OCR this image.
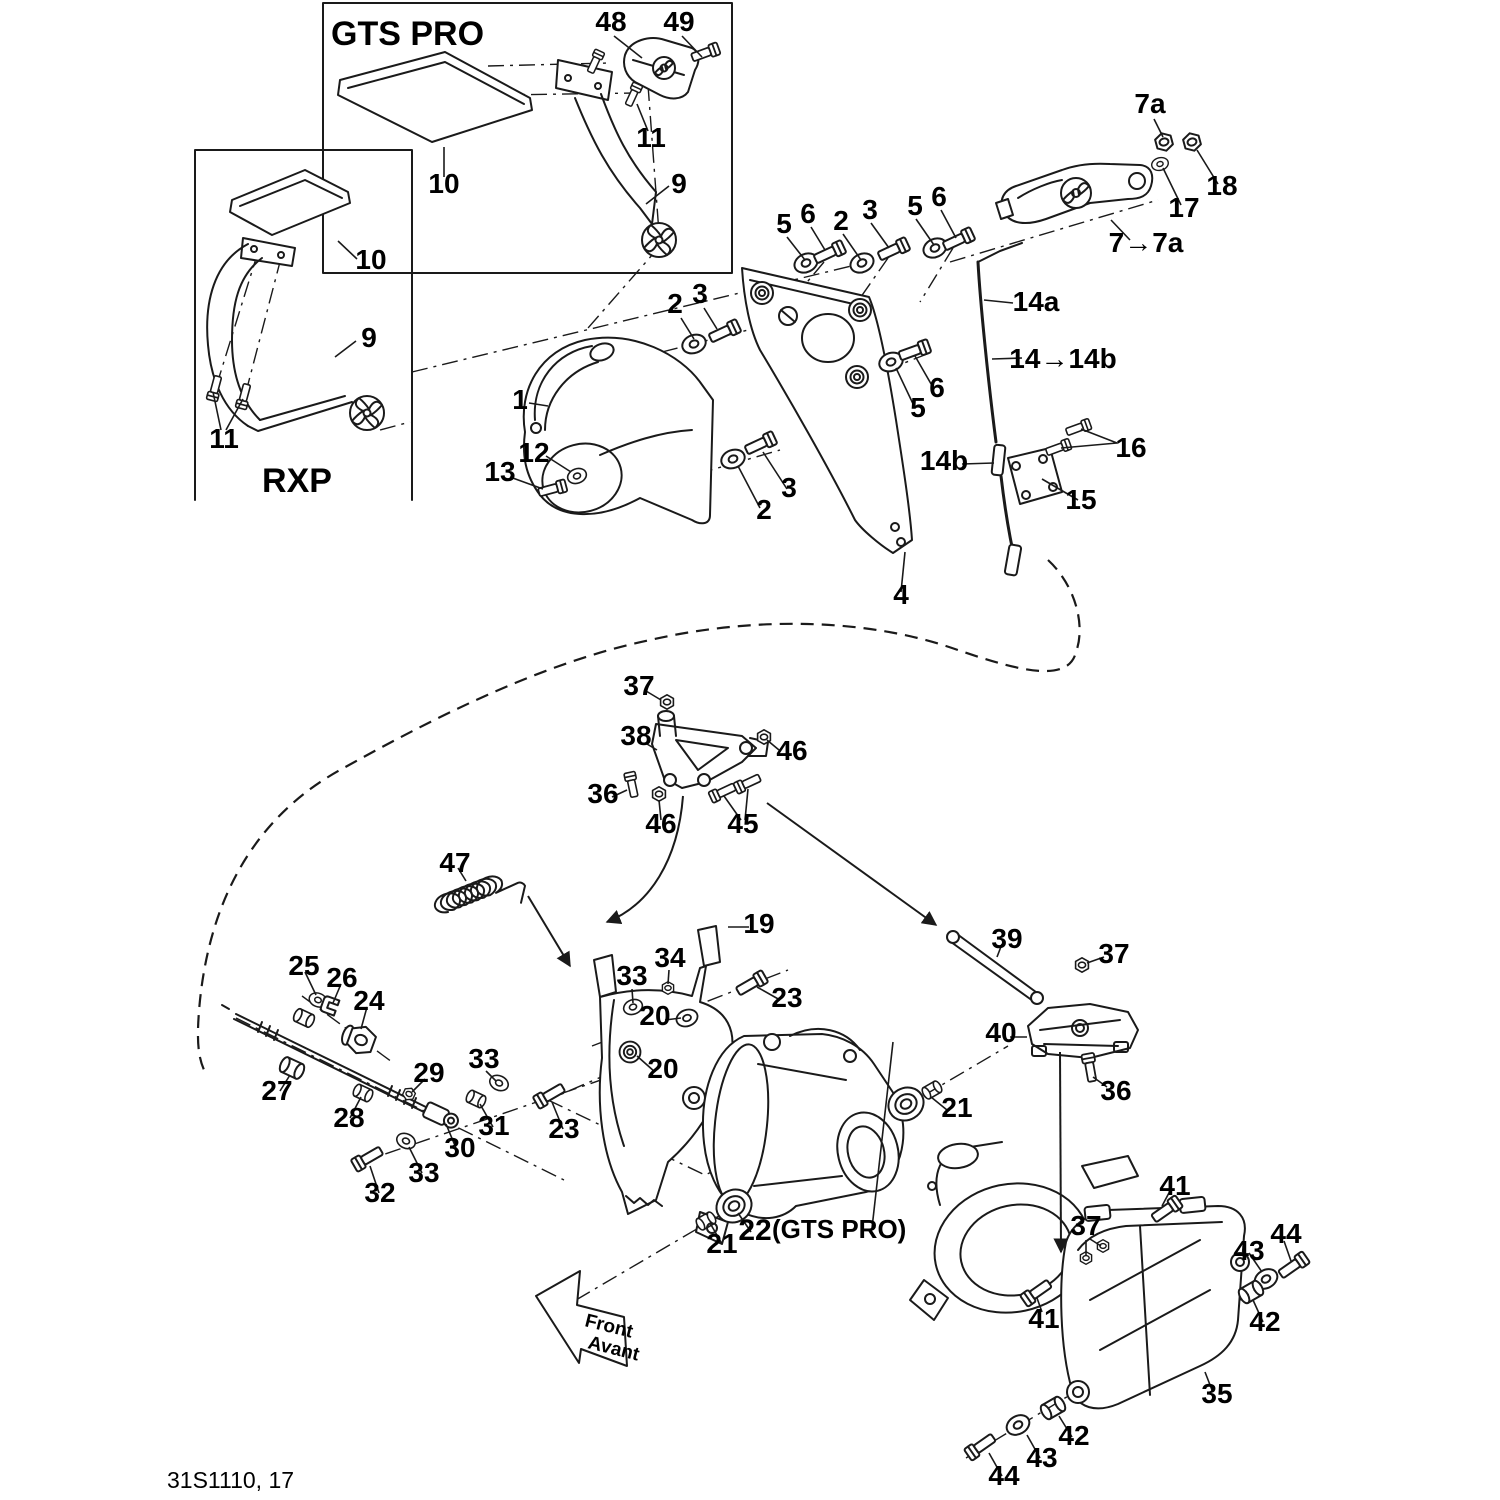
GTS PRO	48 49
11
10	9
10
9
11
RXP
1
12
13
2 3
5 6 2 3 5 6
2
3
5
6
4
14b
7a
18
17
7→7a
14a
14→14b
16
15
37
38	46
36
46 45
19
47
25 26
24
27
28
29 33
31
30
33
32
23
33
34
20
20
23
21
22 (GTS PRO)
21
39	37
40
36
41
37
41
44
43
42
35
42
43
44
Front
Avant
31S1110, 17
